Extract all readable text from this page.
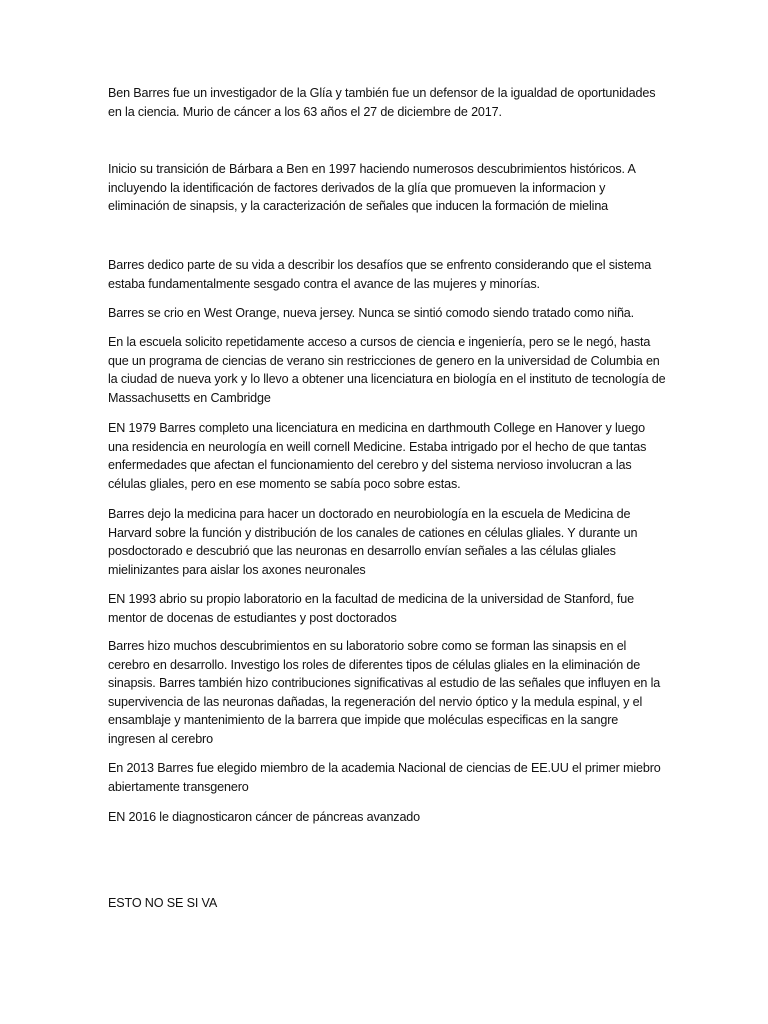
Ben Barres fue un investigador de la Glía y también fue un defensor de la igualdad de oportunidades en la ciencia. Murio de cáncer a los 63 años el 27 de diciembre de 2017.

Inicio su transición de Bárbara a Ben en 1997 haciendo numerosos descubrimientos históricos. A incluyendo la identificación de factores derivados de la glía que promueven la informacion y eliminación de sinapsis, y la caracterización de señales que inducen la formación de mielina

Barres dedico parte de su vida a describir los desafíos que se enfrento considerando que el sistema estaba fundamentalmente sesgado contra el avance de las mujeres y minorías.

Barres se crio en West Orange, nueva jersey. Nunca se sintió comodo siendo tratado como niña.

En la escuela solicito repetidamente acceso a cursos de ciencia e ingeniería, pero se le negó, hasta que un programa de ciencias de verano sin restricciones de genero en la universidad de Columbia en la ciudad de nueva york y lo llevo a obtener una licenciatura en biología en el instituto de tecnología de Massachusetts en Cambridge

EN 1979 Barres completo una licenciatura en medicina en darthmouth College en Hanover y luego una residencia en neurología en weill cornell Medicine. Estaba intrigado por el hecho de que tantas enfermedades que afectan el funcionamiento del cerebro y del sistema nervioso involucran a las células gliales, pero en ese momento se sabía poco sobre estas.

Barres dejo la medicina para hacer un doctorado en neurobiología en la escuela de Medicina de Harvard sobre la función y distribución de los canales de cationes en células gliales. Y durante un posdoctorado e descubrió que las neuronas en desarrollo envían señales a las células gliales mielinizantes para aislar los axones neuronales

EN 1993 abrio su propio laboratorio en la facultad de medicina de la universidad de Stanford, fue mentor de docenas de estudiantes y post doctorados

Barres hizo muchos descubrimientos en su laboratorio sobre como se forman las sinapsis en el cerebro en desarrollo. Investigo los roles de diferentes tipos de células gliales en la eliminación de sinapsis. Barres también hizo contribuciones significativas al estudio de las señales que influyen en la supervivencia de las neuronas dañadas, la regeneración del nervio óptico y la medula espinal, y el ensamblaje y mantenimiento de la barrera que impide que moléculas especificas en la sangre ingresen al cerebro

En 2013 Barres fue elegido miembro de la academia Nacional de ciencias de EE.UU el primer miebro abiertamente transgenero

EN 2016 le diagnosticaron cáncer de páncreas avanzado

ESTO NO SE SI VA
